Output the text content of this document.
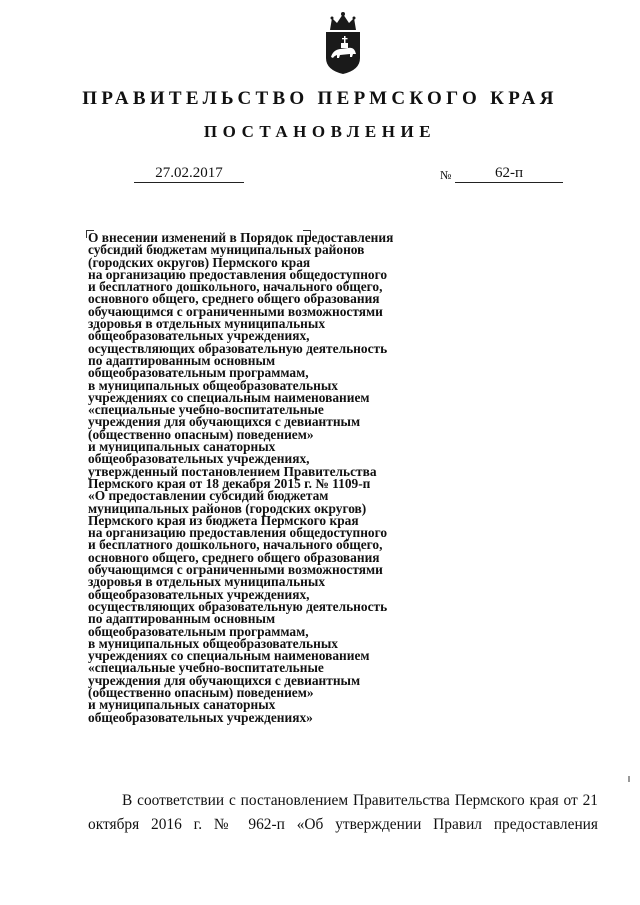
ПРАВИТЕЛЬСТВО ПЕРМСКОГО КРАЯ
ПОСТАНОВЛЕНИЕ
27.02.2017	№	62-п
О внесении изменений в Порядок предоставления
субсидий бюджетам муниципальных районов
(городских округов) Пермского края
на организацию предоставления общедоступного
и бесплатного дошкольного, начального общего,
основного общего, среднего общего образования
обучающимся с ограниченными возможностями
здоровья в отдельных муниципальных
общеобразовательных учреждениях,
осуществляющих образовательную деятельность
по адаптированным основным
общеобразовательным программам,
в муниципальных общеобразовательных
учреждениях со специальным наименованием
«специальные учебно-воспитательные
учреждения для обучающихся с девиантным
(общественно опасным) поведением»
и муниципальных санаторных
общеобразовательных учреждениях,
утвержденный постановлением Правительства
Пермского края от 18 декабря 2015 г. № 1109-п
«О предоставлении субсидий бюджетам
муниципальных районов (городских округов)
Пермского края из бюджета Пермского края
на организацию предоставления общедоступного
и бесплатного дошкольного, начального общего,
основного общего, среднего общего образования
обучающимся с ограниченными возможностями
здоровья в отдельных муниципальных
общеобразовательных учреждениях,
осуществляющих образовательную деятельность
по адаптированным основным
общеобразовательным программам,
в муниципальных общеобразовательных
учреждениях со специальным наименованием
«специальные учебно-воспитательные
учреждения для обучающихся с девиантным
(общественно опасным) поведением»
и муниципальных санаторных
общеобразовательных учреждениях»

В соответствии с постановлением Правительства Пермского края от 21 октября 2016 г. № 962-п «Об утверждении Правил предоставления
